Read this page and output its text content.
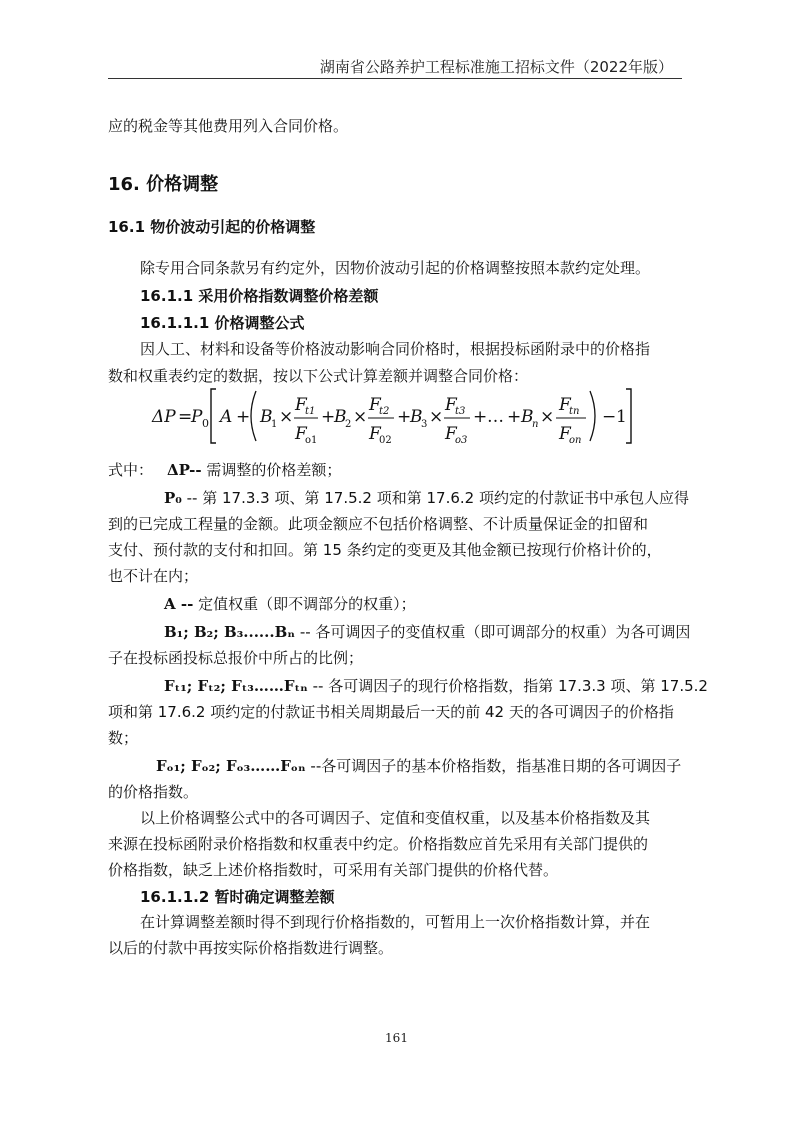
湖南省公路养护工程标准施工招标文件（2022年版）
应的税金等其他费用列入合同价格。
16. 价格调整
16.1 物价波动引起的价格调整
除专用合同条款另有约定外，因物价波动引起的价格调整按照本款约定处理。
16.1.1 采用价格指数调整价格差额
16.1.1.1 价格调整公式
因人工、材料和设备等价格波动影响合同价格时，根据投标函附录中的价格指
数和权重表约定的数据，按以下公式计算差额并调整合同价格：
ΔP =
P 0 A + B
1 ×
F
t1
F
o1
+
B
2 ×
F
t2
F
02
+
B
3 ×
F
t3
F
o3
+ … + B
n ×
F
tn
F
on
− 1
式中： ΔP-- 需调整的价格差额；
P₀ -- 第 17.3.3 项、第 17.5.2 项和第 17.6.2 项约定的付款证书中承包人应得
到的已完成工程量的金额。此项金额应不包括价格调整、不计质量保证金的扣留和
支付、预付款的支付和扣回。第 15 条约定的变更及其他金额已按现行价格计价的，
也不计在内；
A -- 定值权重（即不调部分的权重）；
B₁; B₂; B₃......Bₙ -- 各可调因子的变值权重（即可调部分的权重）为各可调因
子在投标函投标总报价中所占的比例；
Fₜ₁; Fₜ₂; Fₜ₃……Fₜₙ -- 各可调因子的现行价格指数，指第 17.3.3 项、第 17.5.2
项和第 17.6.2 项约定的付款证书相关周期最后一天的前 42 天的各可调因子的价格指
数；
Fₒ₁; Fₒ₂; Fₒ₃……Fₒₙ --各可调因子的基本价格指数，指基准日期的各可调因子
的价格指数。
以上价格调整公式中的各可调因子、定值和变值权重，以及基本价格指数及其
来源在投标函附录价格指数和权重表中约定。价格指数应首先采用有关部门提供的
价格指数，缺乏上述价格指数时，可采用有关部门提供的价格代替。
16.1.1.2 暂时确定调整差额
在计算调整差额时得不到现行价格指数的，可暂用上一次价格指数计算，并在
以后的付款中再按实际价格指数进行调整。
161
